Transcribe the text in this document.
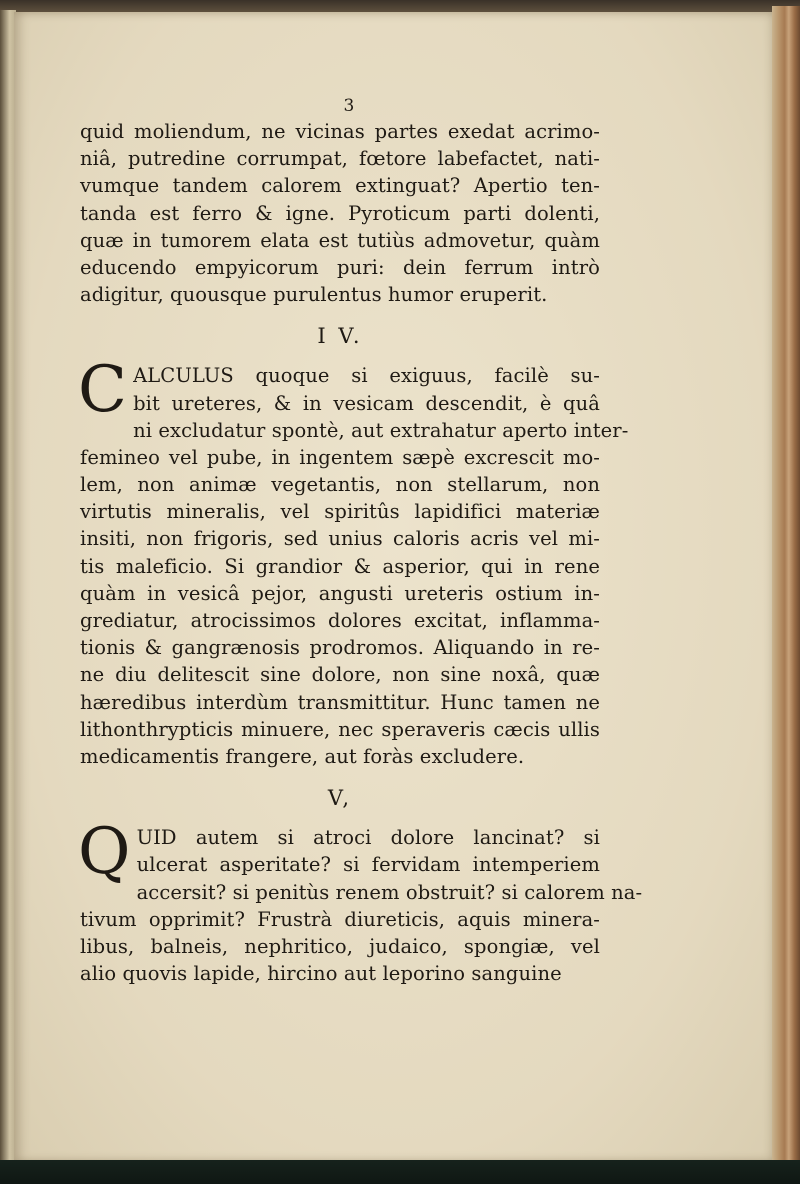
3
quid moliendum, ne vicinas partes exedat acrimo-
niâ, putredine corrumpat, fœtore labefactet, nati-
vumque tandem calorem extinguat? Apertio ten-
tanda est ferro & igne. Pyroticum parti dolenti,
quæ in tumorem elata est tutiùs admovetur, quàm
educendo empyicorum puri: dein ferrum intrò
adigitur, quousque purulentus humor eruperit.
I V.
C ALCULUS quoque si exiguus, facilè su-
bit ureteres, & in vesicam descendit, è quâ
ni excludatur spontè, aut extrahatur aperto inter-
femineo vel pube, in ingentem sæpè excrescit mo-
lem, non animæ vegetantis, non stellarum, non
virtutis mineralis, vel spiritûs lapidifici materiæ
insiti, non frigoris, sed unius caloris acris vel mi-
tis maleficio. Si grandior & asperior, qui in rene
quàm in vesicâ pejor, angusti ureteris ostium in-
grediatur, atrocissimos dolores excitat, inflamma-
tionis & gangrænosis prodromos. Aliquando in re-
ne diu delitescit sine dolore, non sine noxâ, quæ
hæredibus interdùm transmittitur. Hunc tamen ne
lithonthrypticis minuere, nec speraveris cæcis ullis
medicamentis frangere, aut foràs excludere.
V,
Q UID autem si atroci dolore lancinat? si
ulcerat asperitate? si fervidam intemperiem
accersit? si penitùs renem obstruit? si calorem na-
tivum opprimit? Frustrà diureticis, aquis minera-
libus, balneis, nephritico, judaico, spongiæ, vel
alio quovis lapide, hircino aut leporino sanguine
